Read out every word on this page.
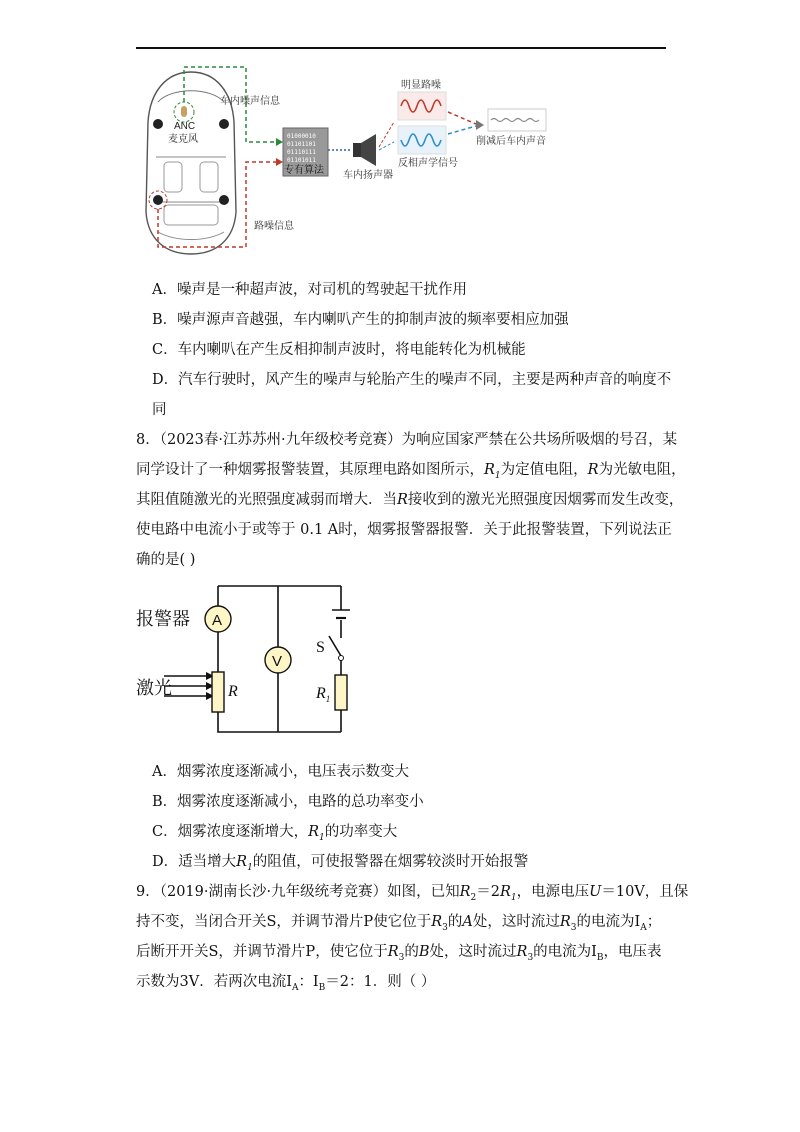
ANC
麦克风
车内噪声信息
路噪信息
01000010
01101101
01110111
01101011
专有算法 车内扬声器
明显路噪
反相声学信号
削减后车内声音
A．噪声是一种超声波，对司机的驾驶起干扰作用
B．噪声源声音越强，车内喇叭产生的抑制声波的频率要相应加强
C．车内喇叭在产生反相抑制声波时，将电能转化为机械能
D．汽车行驶时，风产生的噪声与轮胎产生的噪声不同，主要是两种声音的响度不
同
8．（2023春·江苏苏州·九年级校考竞赛）为响应国家严禁在公共场所吸烟的号召，某
同学设计了一种烟雾报警装置，其原理电路如图所示，$R_1$为定值电阻，R为光敏电阻，
其阻值随激光的光照强度减弱而增大．当R接收到的激光光照强度因烟雾而发生改变，
使电路中电流小于或等于 0.1 A时，烟雾报警器报警．关于此报警装置，下列说法正
确的是( )
A
V
报警器
激光	R
S
$R_1$
A．烟雾浓度逐渐减小，电压表示数变大
B．烟雾浓度逐渐减小，电路的总功率变小
C．烟雾浓度逐渐增大，$R_1$的功率变大
D．适当增大$R_1$的阻值，可使报警器在烟雾较淡时开始报警
9．（2019·湖南长沙·九年级统考竞赛）如图，已知$R_2=2R_1$，电源电压U＝10V，且保
持不变，当闭合开关S，并调节滑片P使它位于$R_3$的A处，这时流过$R_3$的电流为$I_A$；
后断开开关S，并调节滑片P，使它位于$R_3$的B处，这时流过$R_3$的电流为$I_B$，电压表
示数为3V．若两次电流$I_A$：$I_B=2$：1．则（ ）
